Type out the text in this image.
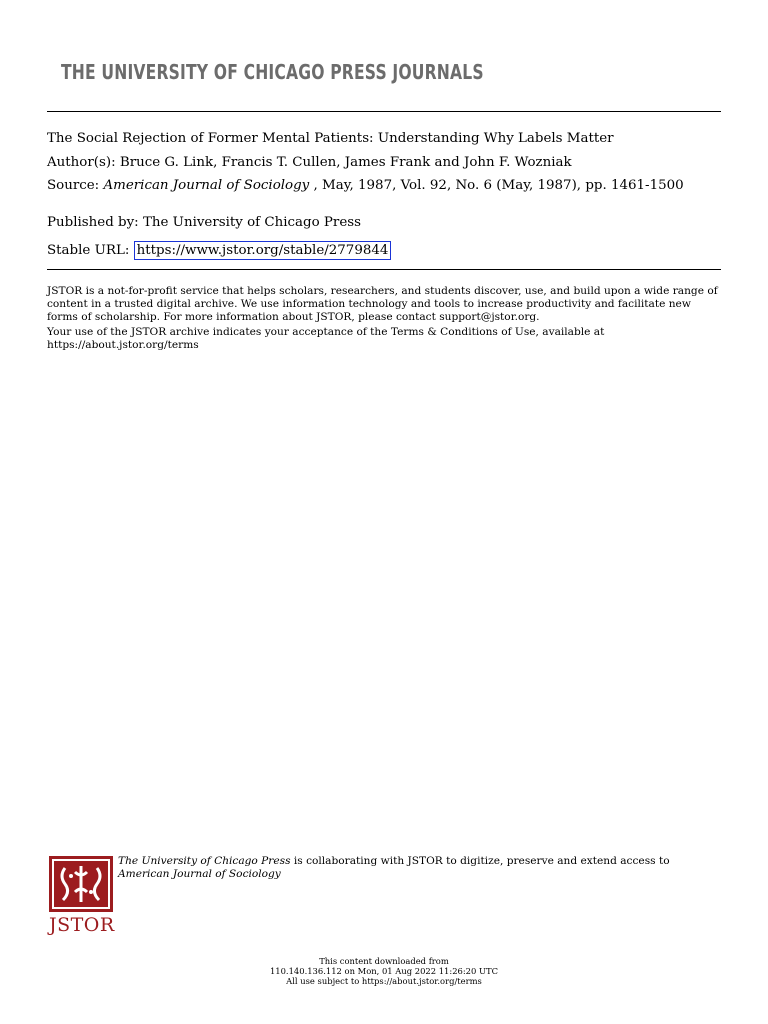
THE UNIVERSITY OF CHICAGO PRESS JOURNALS
The Social Rejection of Former Mental Patients: Understanding Why Labels Matter
Author(s): Bruce G. Link, Francis T. Cullen, James Frank and John F. Wozniak
Source: American Journal of Sociology , May, 1987, Vol. 92, No. 6 (May, 1987), pp. 1461-1500
Published by: The University of Chicago Press
Stable URL: https://www.jstor.org/stable/2779844
JSTOR is a not-for-profit service that helps scholars, researchers, and students discover, use, and build upon a wide range of content in a trusted digital archive. We use information technology and tools to increase productivity and facilitate new forms of scholarship. For more information about JSTOR, please contact support@jstor.org.
Your use of the JSTOR archive indicates your acceptance of the Terms & Conditions of Use, available at https://about.jstor.org/terms
JSTOR
The University of Chicago Press is collaborating with JSTOR to digitize, preserve and extend access to American Journal of Sociology
This content downloaded from
110.140.136.112 on Mon, 01 Aug 2022 11:26:20 UTC
All use subject to https://about.jstor.org/terms
